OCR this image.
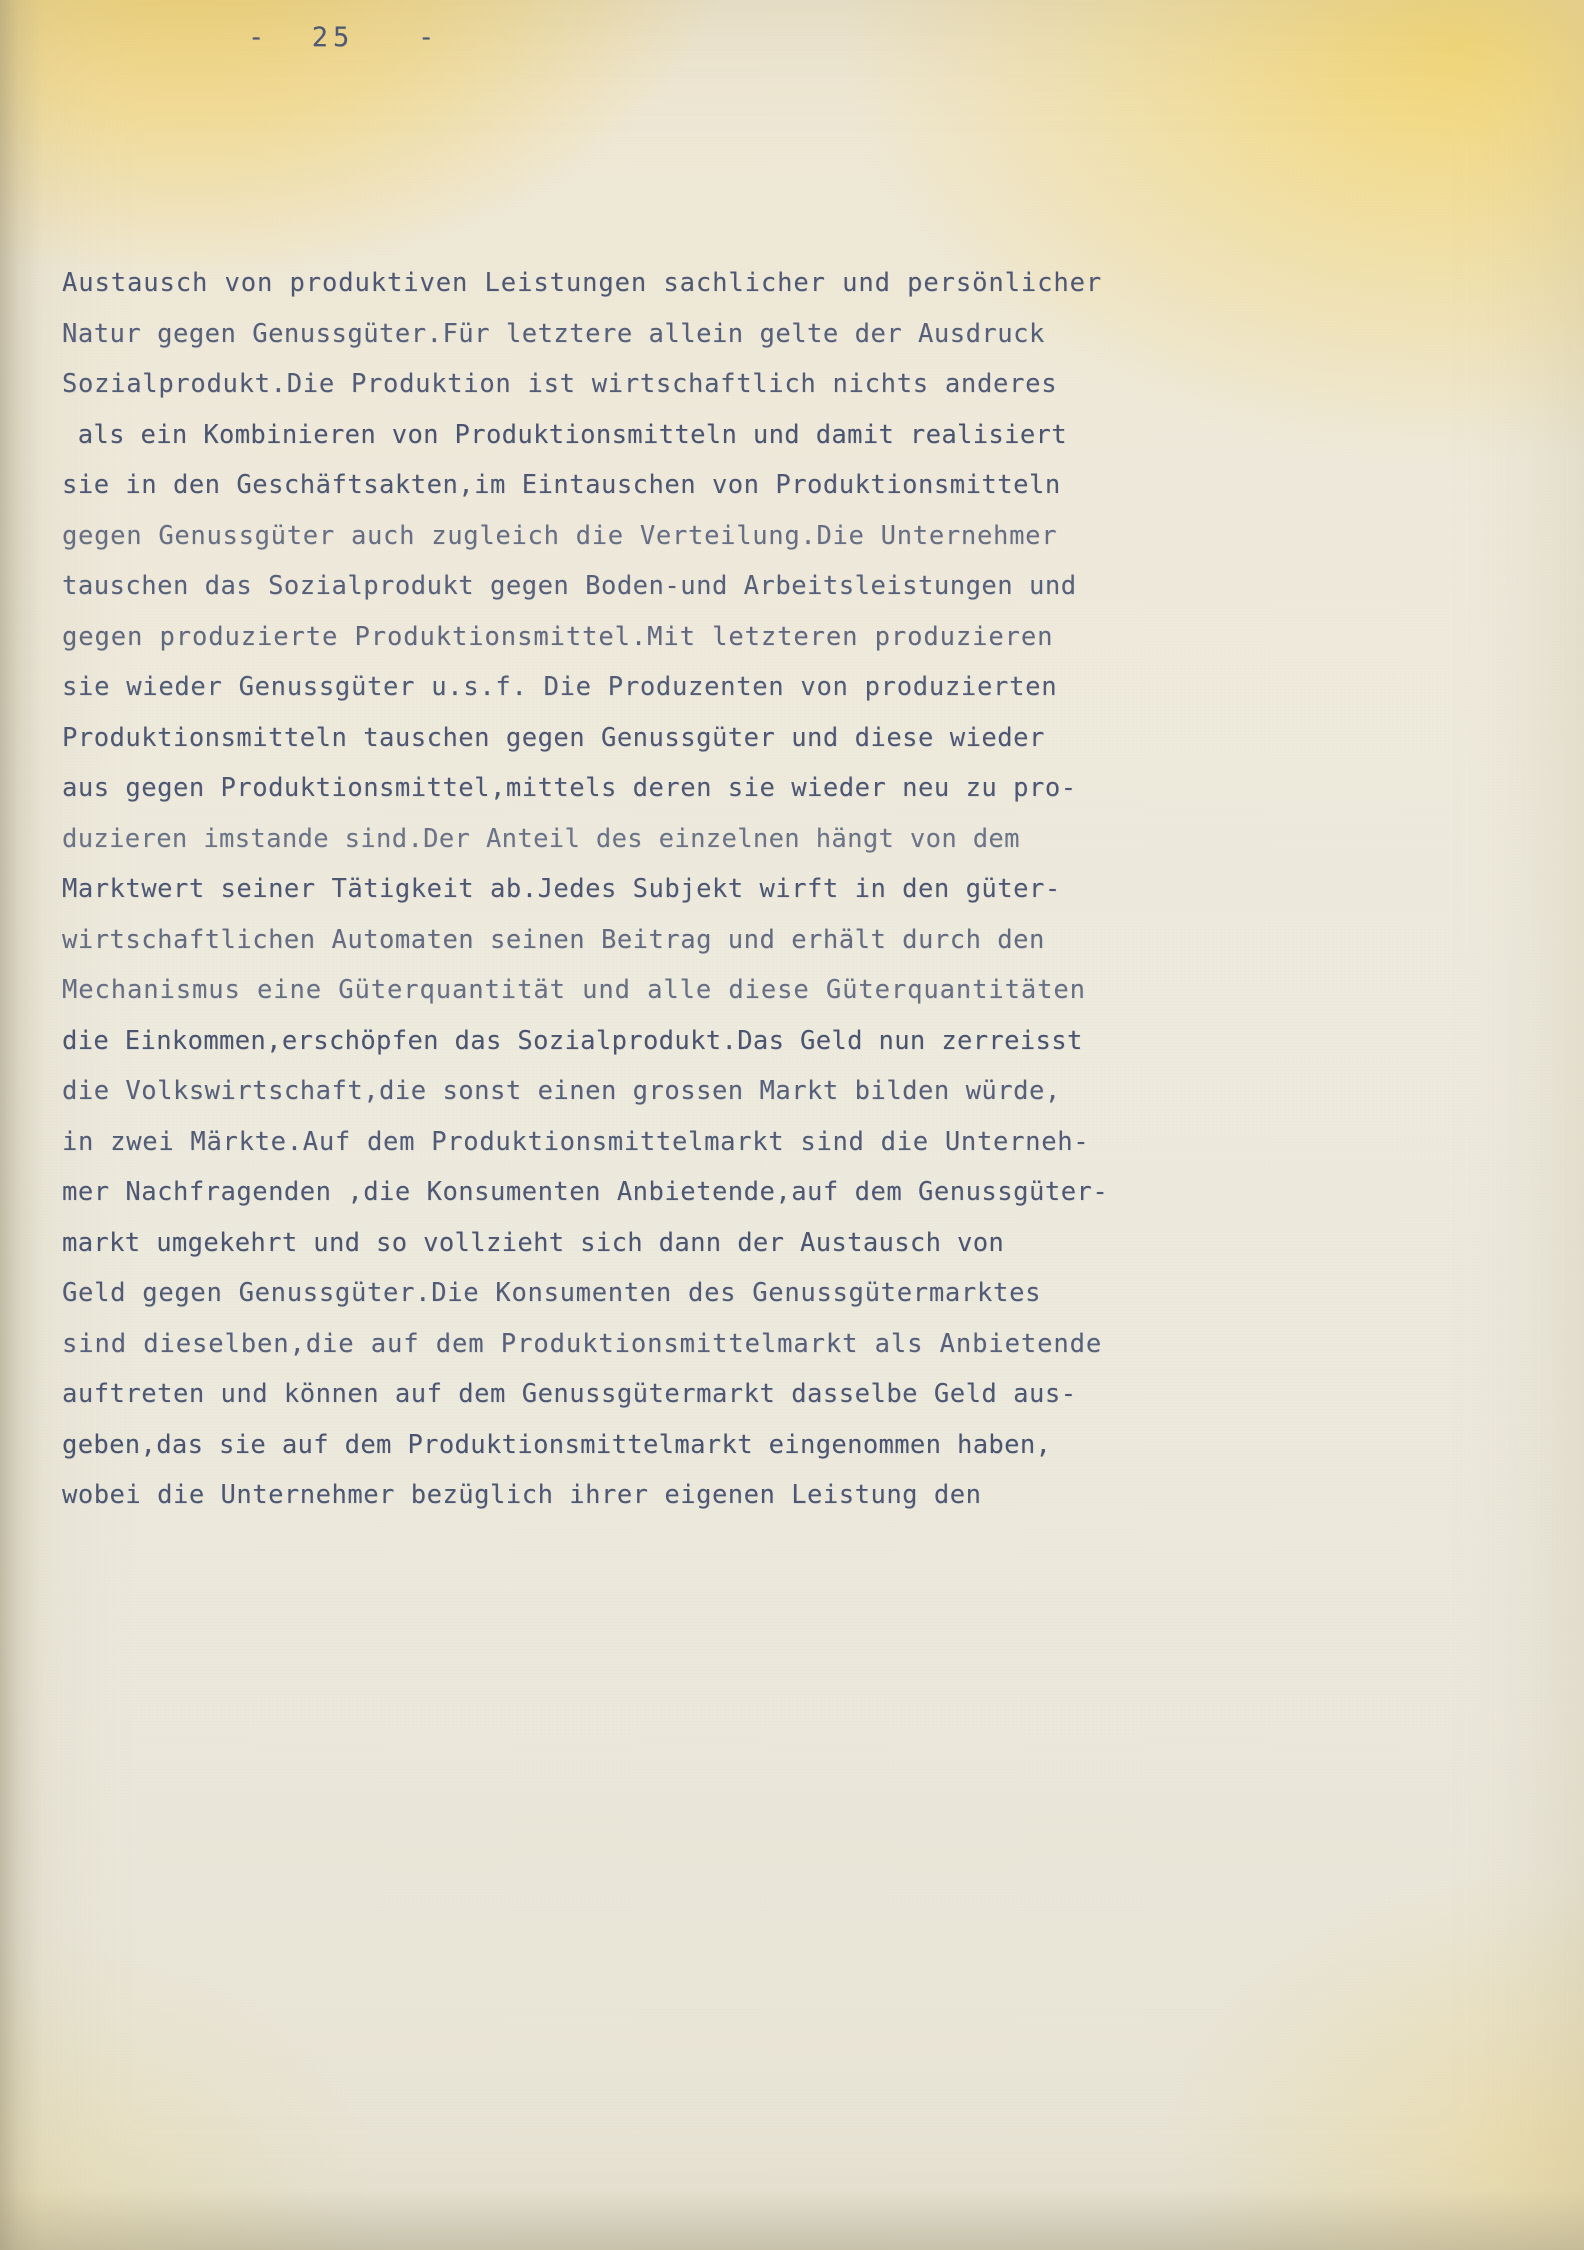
-  25   -
Austausch von produktiven Leistungen sachlicher und persönlicher
Natur gegen Genussgüter.Für letztere allein gelte der Ausdruck
Sozialprodukt.Die Produktion ist wirtschaftlich nichts anderes
als ein Kombinieren von Produktionsmitteln und damit realisiert
sie in den Geschäftsakten,im Eintauschen von Produktionsmitteln
gegen Genussgüter auch zugleich die Verteilung.Die Unternehmer
tauschen das Sozialprodukt gegen Boden-und Arbeitsleistungen und
gegen produzierte Produktionsmittel.Mit letzteren produzieren
sie wieder Genussgüter u.s.f. Die Produzenten von produzierten
Produktionsmitteln tauschen gegen Genussgüter und diese wieder
aus gegen Produktionsmittel,mittels deren sie wieder neu zu pro-
duzieren imstande sind.Der Anteil des einzelnen hängt von dem
Marktwert seiner Tätigkeit ab.Jedes Subjekt wirft in den güter-
wirtschaftlichen Automaten seinen Beitrag und erhält durch den
Mechanismus eine Güterquantität und alle diese Güterquantitäten
die Einkommen,erschöpfen das Sozialprodukt.Das Geld nun zerreisst
die Volkswirtschaft,die sonst einen grossen Markt bilden würde,
in zwei Märkte.Auf dem Produktionsmittelmarkt sind die Unterneh-
mer Nachfragenden ,die Konsumenten Anbietende,auf dem Genussgüter-
markt umgekehrt und so vollzieht sich dann der Austausch von
Geld gegen Genussgüter.Die Konsumenten des Genussgütermarktes
sind dieselben,die auf dem Produktionsmittelmarkt als Anbietende
auftreten und können auf dem Genussgütermarkt dasselbe Geld aus-
geben,das sie auf dem Produktionsmittelmarkt eingenommen haben,
wobei die Unternehmer bezüglich ihrer eigenen Leistung den
